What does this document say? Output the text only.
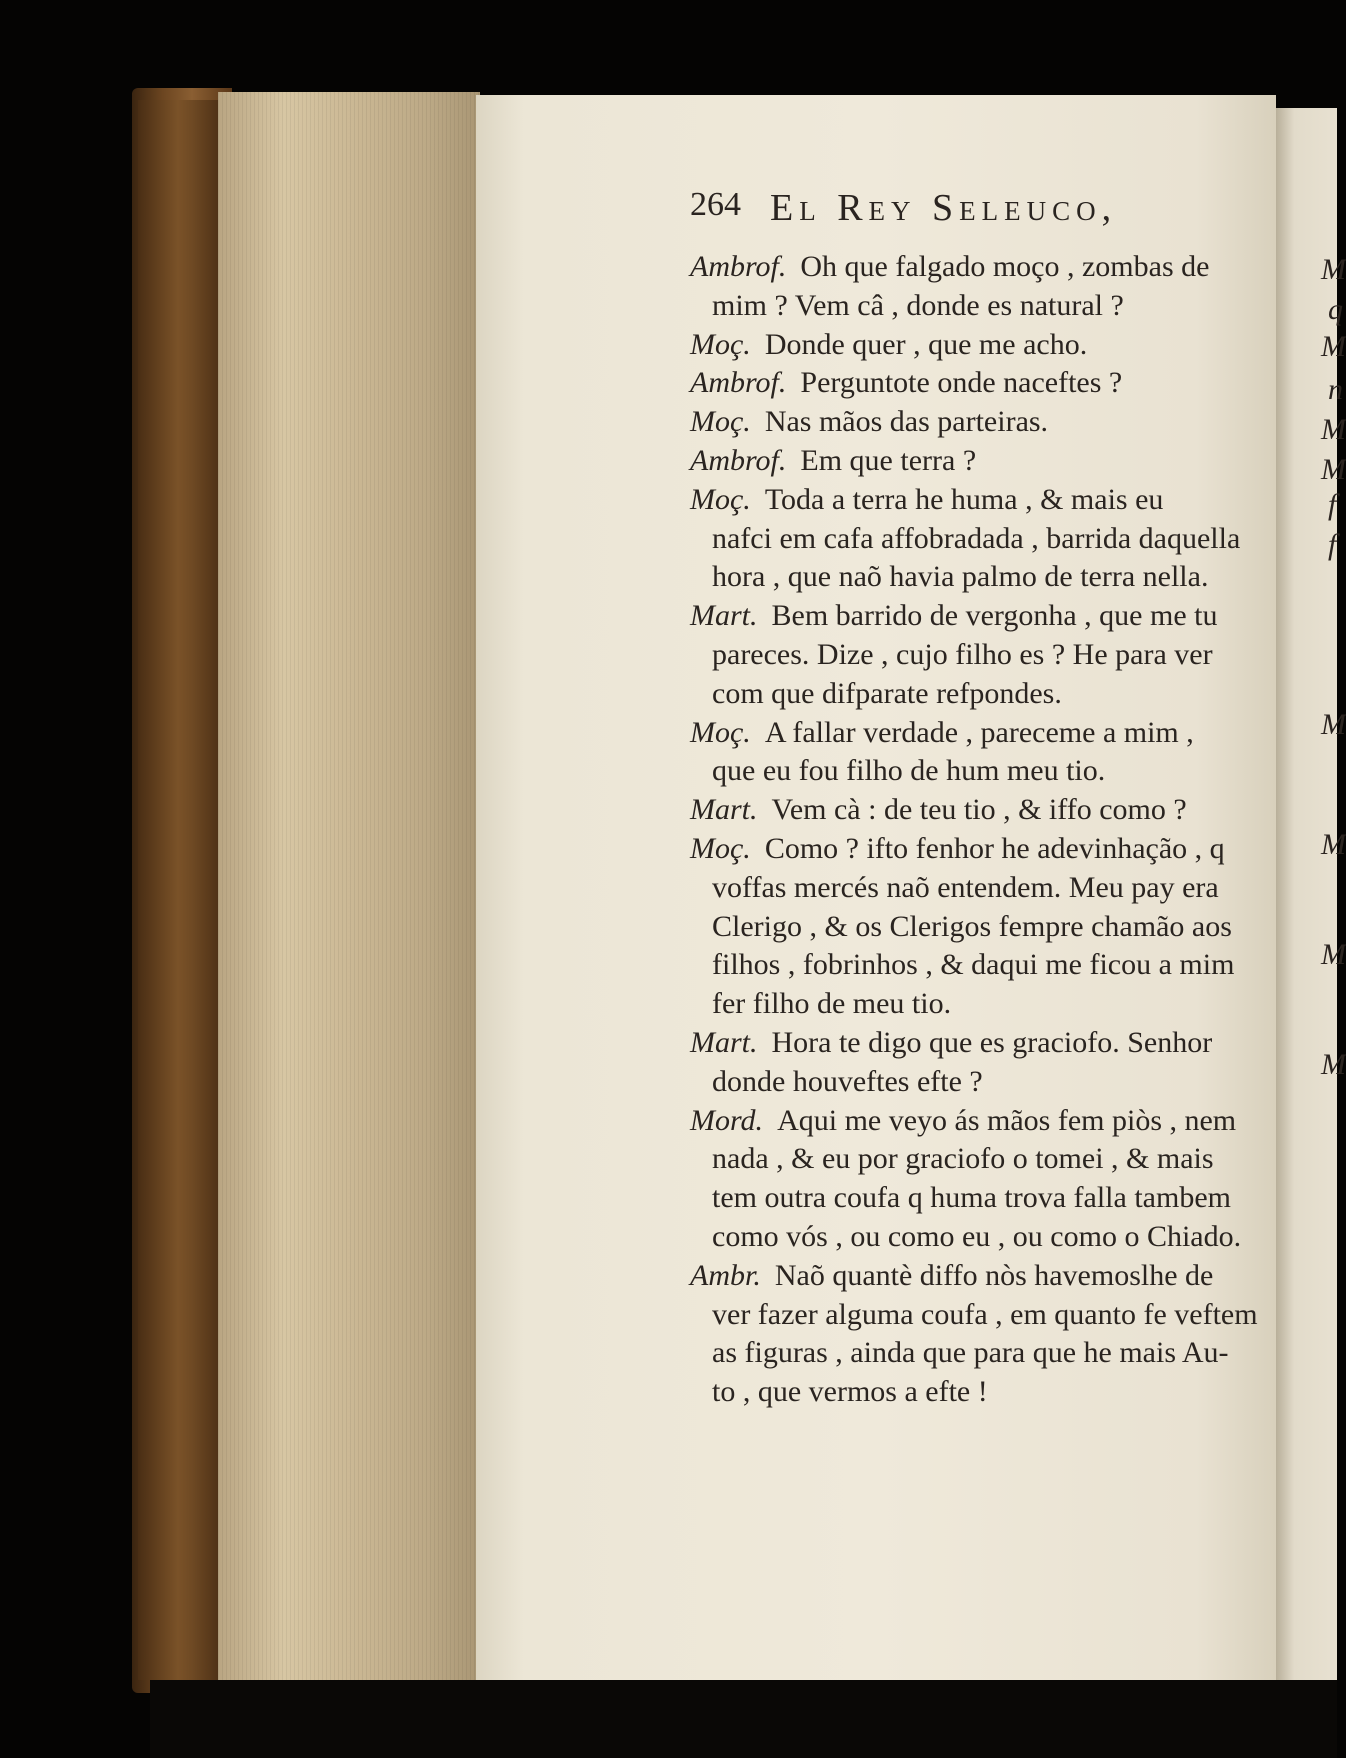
M
q
M
n
M
M
f
f
M
M
M
M
264 El Rey Seleuco,
Ambrof. Oh que falgado moço , zombas de
mim ? Vem câ , donde es natural ?
Moç. Donde quer , que me acho.
Ambrof. Perguntote onde naceftes ?
Moç. Nas mãos das parteiras.
Ambrof. Em que terra ?
Moç. Toda a terra he huma , & mais eu
nafci em cafa affobradada , barrida daquella
hora , que naõ havia palmo de terra nella.
Mart. Bem barrido de vergonha , que me tu
pareces. Dize , cujo filho es ? He para ver
com que difparate refpondes.
Moç. A fallar verdade , pareceme a mim ,
que eu fou filho de hum meu tio.
Mart. Vem cà : de teu tio , & iffo como ?
Moç. Como ? ifto fenhor he adevinhação , q
voffas mercés naõ entendem. Meu pay era
Clerigo , & os Clerigos fempre chamão aos
filhos , fobrinhos , & daqui me ficou a mim
fer filho de meu tio.
Mart. Hora te digo que es graciofo. Senhor
donde houveftes efte ?
Mord. Aqui me veyo ás mãos fem piòs , nem
nada , & eu por graciofo o tomei , & mais
tem outra coufa q huma trova falla tambem
como vós , ou como eu , ou como o Chiado.
Ambr. Naõ quantè diffo nòs havemoslhe de
ver fazer alguma coufa , em quanto fe veftem
as figuras , ainda que para que he mais Au-
to , que vermos a efte !
